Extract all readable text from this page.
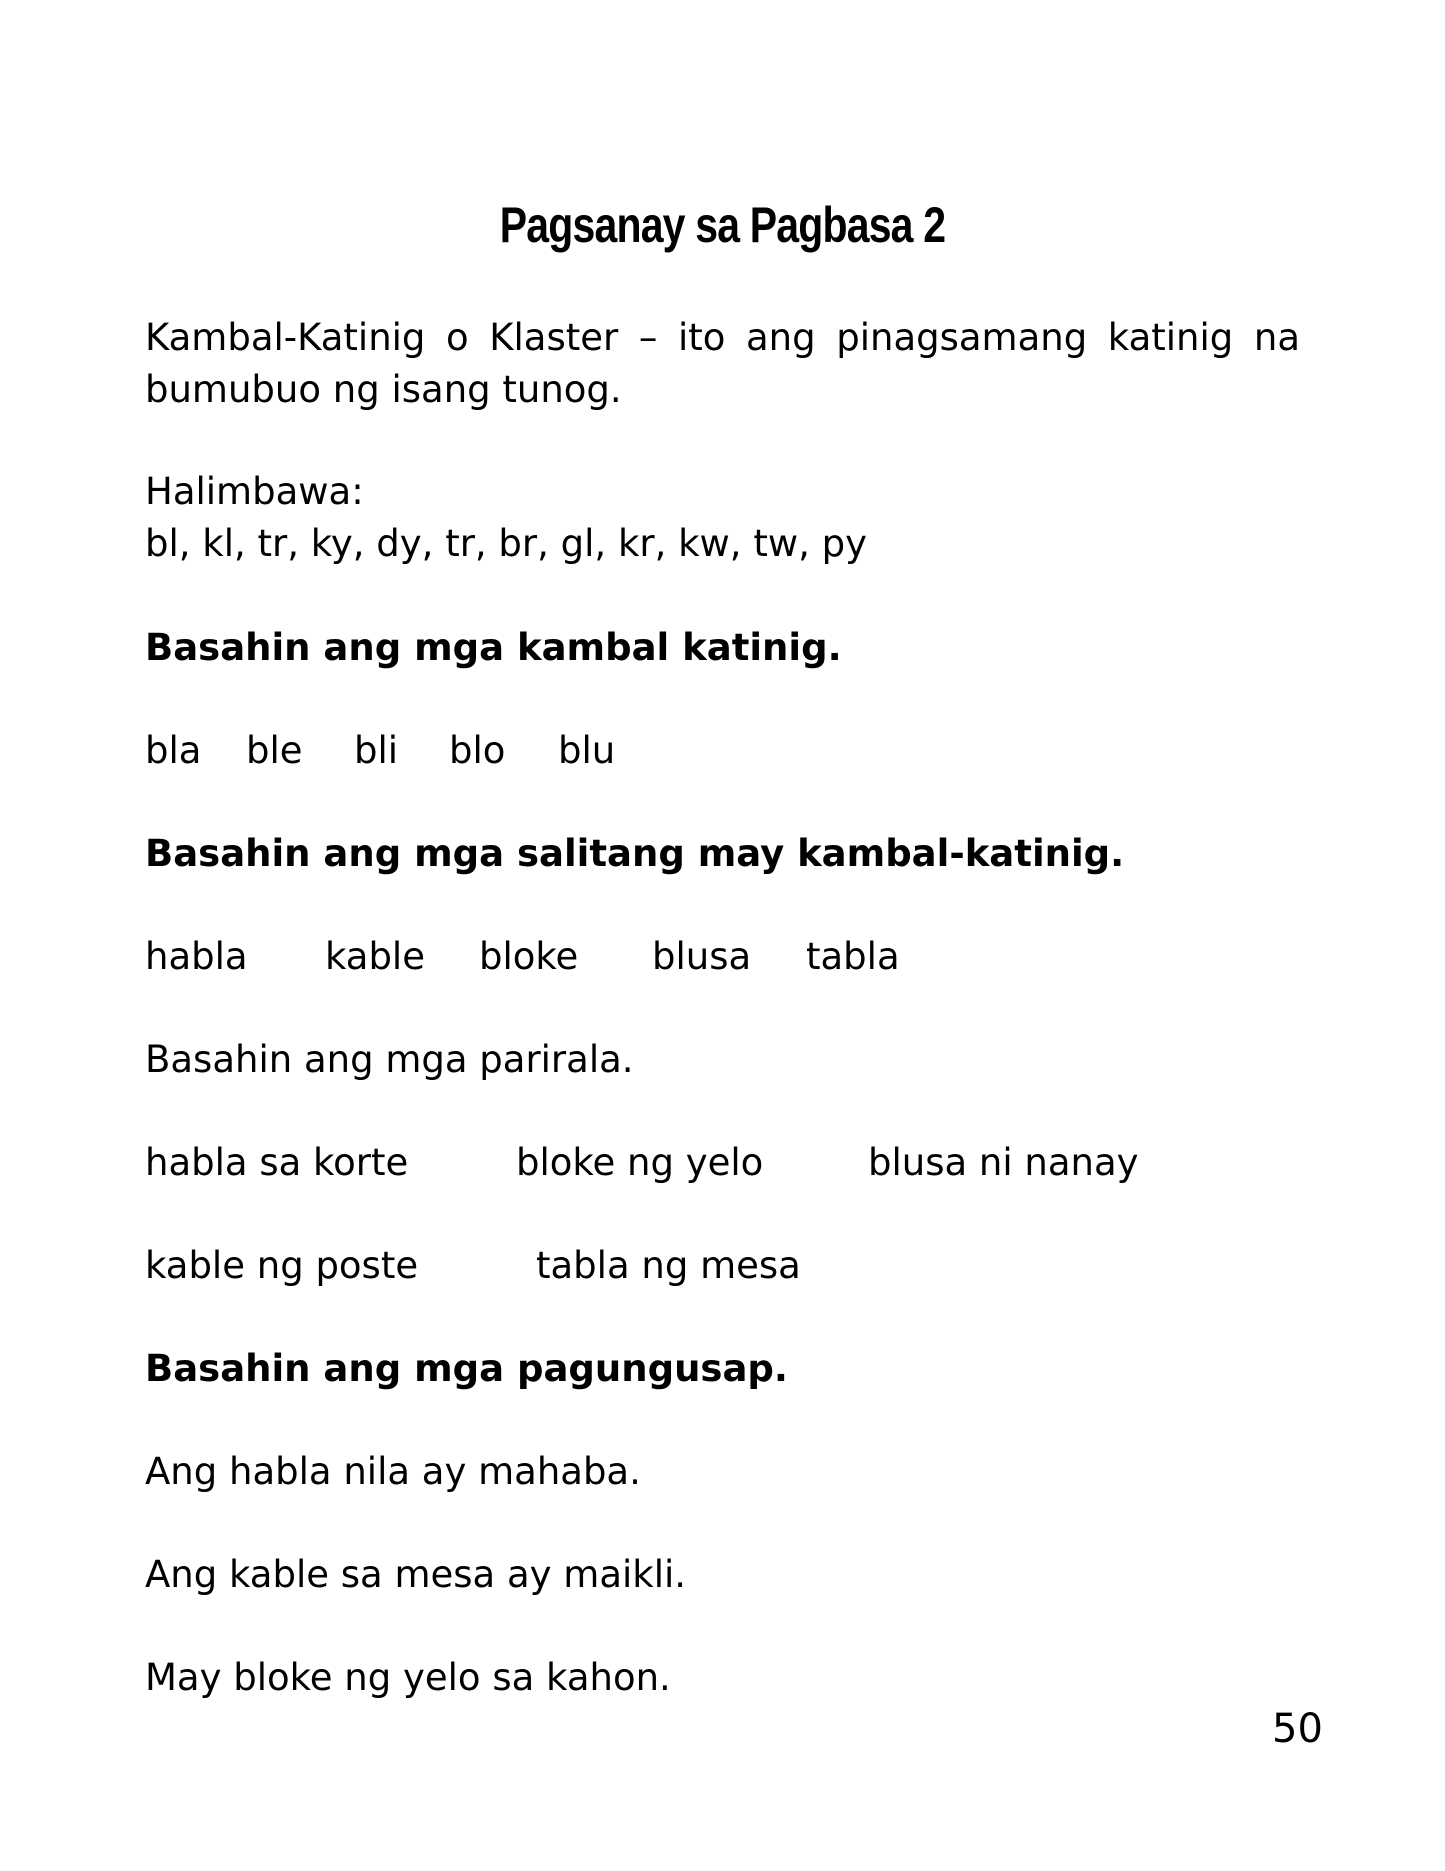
Pagsanay sa Pagbasa 2
Kambal-Katinig o Klaster – ito ang pinagsamang katinig na bumubuo ng isang tunog.
Halimbawa:
bl, kl, tr, ky, dy, tr, br, gl, kr, kw, tw, py
Basahin ang mga kambal katinig.
bla ble bli blo blu
Basahin ang mga salitang may kambal-katinig.
habla kable bloke blusa tabla
Basahin ang mga parirala.
habla sa korte	bloke ng yelo	blusa ni nanay
kable ng poste	tabla ng mesa
Basahin ang mga pagungusap.
Ang habla nila ay mahaba.
Ang kable sa mesa ay maikli.
May bloke ng yelo sa kahon.
50
